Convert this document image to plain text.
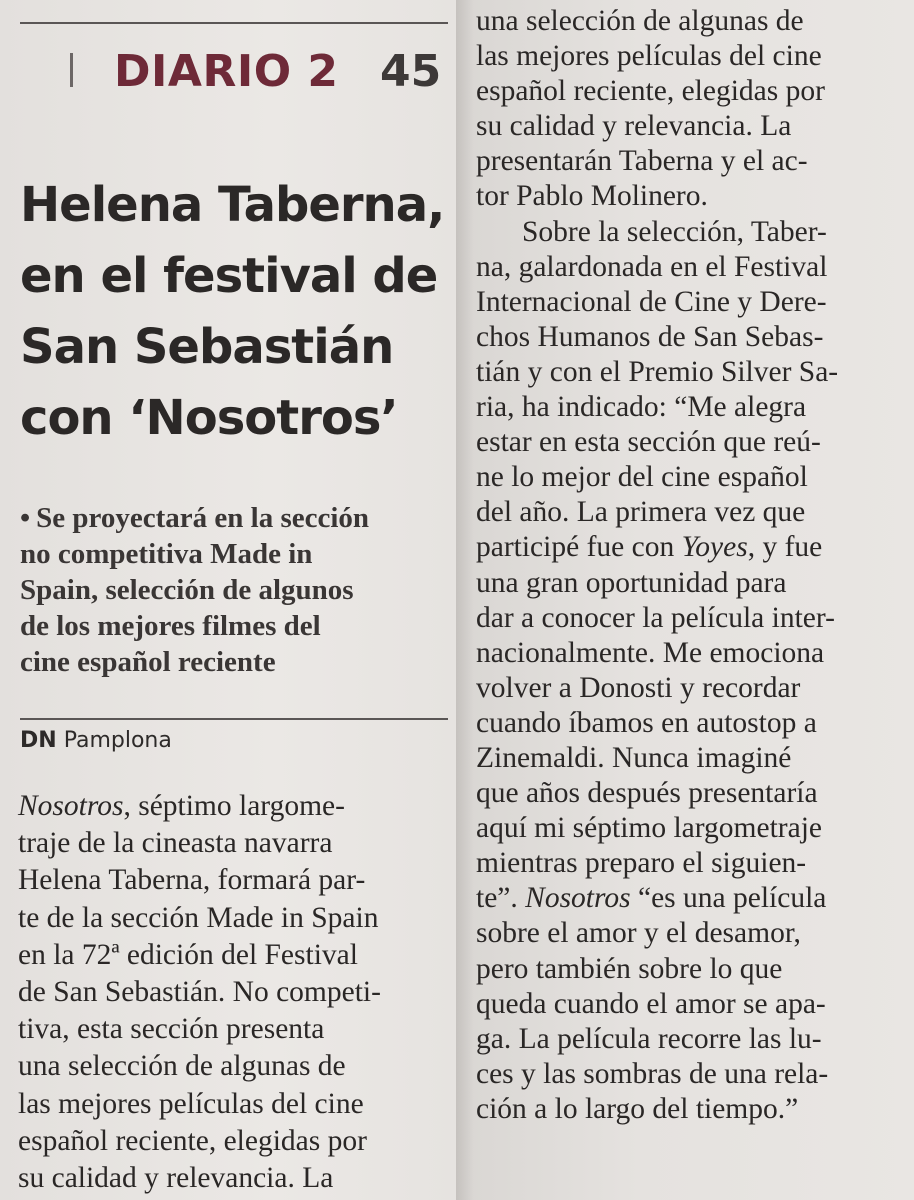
DIARIO 2 45
Helena Taberna,
en el festival de
San Sebastián
con ‘Nosotros’
• Se proyectará en la sección
no competitiva Made in
Spain, selección de algunos
de los mejores filmes del
cine español reciente
DN Pamplona
Nosotros, séptimo largome-
traje de la cineasta navarra
Helena Taberna, formará par-
te de la sección Made in Spain
en la 72ª edición del Festival
de San Sebastián. No competi-
tiva, esta sección presenta
una selección de algunas de
las mejores películas del cine
español reciente, elegidas por
su calidad y relevancia. La
una selección de algunas de
las mejores películas del cine
español reciente, elegidas por
su calidad y relevancia. La
presentarán Taberna y el ac-
tor Pablo Molinero.
Sobre la selección, Taber-
na, galardonada en el Festival
Internacional de Cine y Dere-
chos Humanos de San Sebas-
tián y con el Premio Silver Sa-
ria, ha indicado: “Me alegra
estar en esta sección que reú-
ne lo mejor del cine español
del año. La primera vez que
participé fue con Yoyes, y fue
una gran oportunidad para
dar a conocer la película inter-
nacionalmente. Me emociona
volver a Donosti y recordar
cuando íbamos en autostop a
Zinemaldi. Nunca imaginé
que años después presentaría
aquí mi séptimo largometraje
mientras preparo el siguien-
te”. Nosotros “es una película
sobre el amor y el desamor,
pero también sobre lo que
queda cuando el amor se apa-
ga. La película recorre las lu-
ces y las sombras de una rela-
ción a lo largo del tiempo.”
